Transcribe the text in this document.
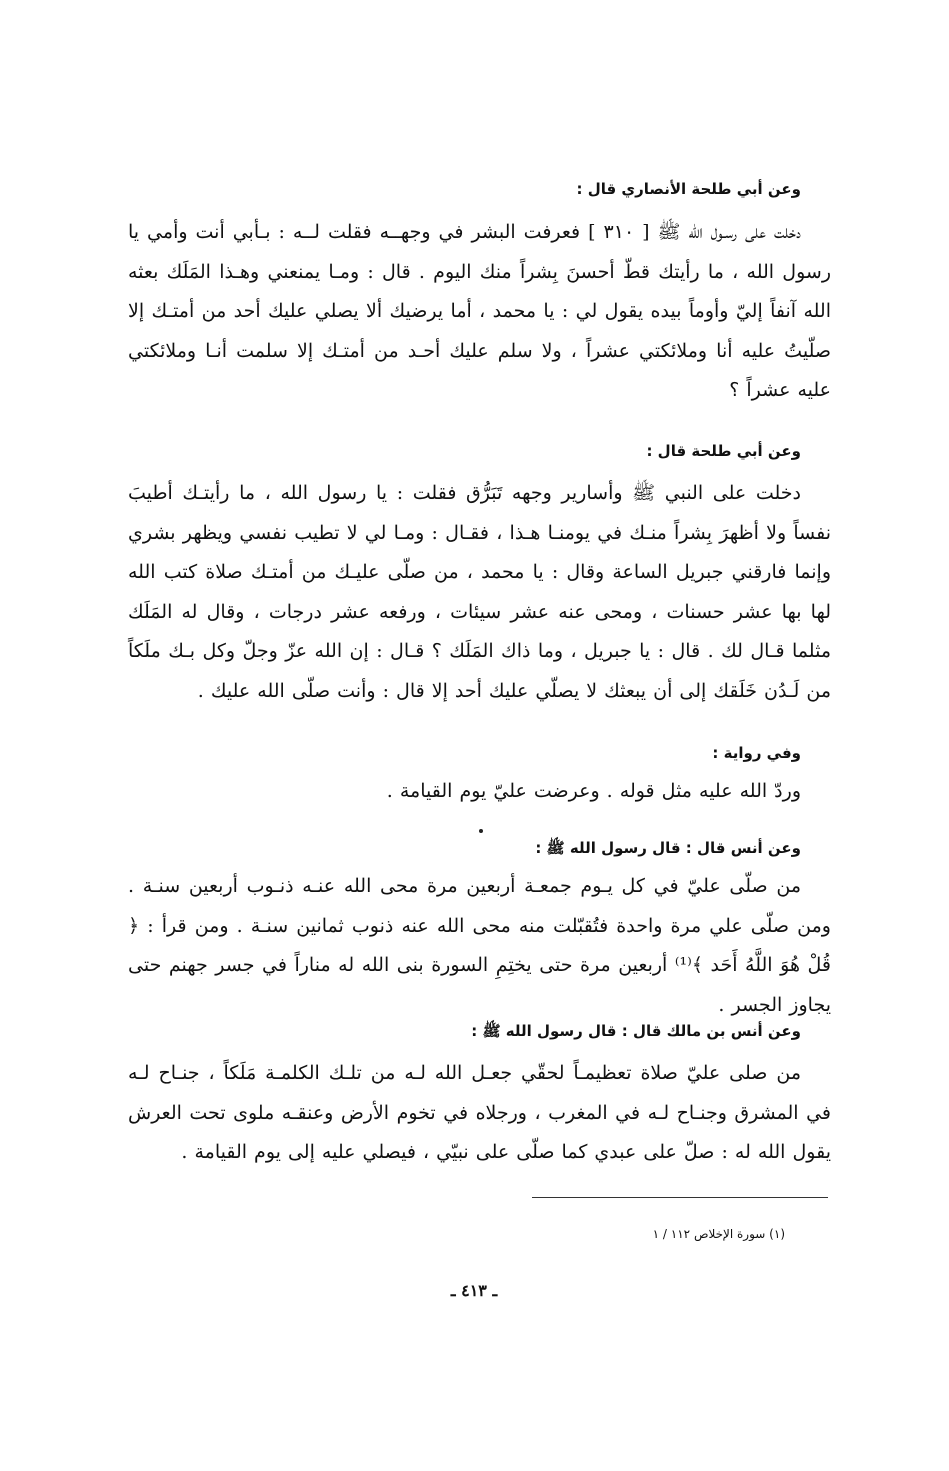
وعن أبي طلحة الأنصاري قال :

دخلت على رسـول الله ﷺ [ ٣١٠ ] فعرفت البشر في وجهــه فقلت لــه : بـأبي أنت وأمي يا رسول الله ، ما رأيتك قطّ أحسنَ بِشراً منك اليوم . قال : ومـا يمنعني وهـذا المَلَك بعثه الله آنفاً إليّ وأوماً بيده يقول لي : يا محمد ، أما يرضيك ألا يصلي عليك أحد من أمتـك إلا صلّيتُ عليه أنا وملائكتي عشراً ، ولا سلم عليك أحـد من أمتـك إلا سلمت أنـا وملائكتي عليه عشراً ؟

وعن أبي طلحة قال :

دخلت على النبي ﷺ وأسارير وجهه تَبَرُّق فقلت : يا رسول الله ، ما رأيتـك أطيبَ نفساً ولا أظهرَ بِشراً منـك في يومنـا هـذا ، فقـال : ومـا لي لا تطيب نفسي ويظهر بشري وإنما فارقني جبريل الساعة وقال : يا محمد ، من صلّى عليـك من أمتـك صلاة كتب الله لها بها عشر حسنات ، ومحى عنه عشر سيئات ، ورفعه عشر درجات ، وقال له المَلَك مثلما قـال لك . قال : يا جبريل ، وما ذاك المَلَك ؟ قـال : إن الله عزّ وجلّ وكل بـك ملَكاً من لَـدُن خَلَقك إلى أن يبعثك لا يصلّي عليك أحد إلا قال : وأنت صلّى الله عليك .

وفي رواية :

وردّ الله عليه مثل قوله . وعرضت عليّ يوم القيامة .

وعن أنس قال : قال رسول الله ﷺ :

من صلّى عليّ في كل يـوم جمعـة أربعين مرة محى الله عنـه ذنـوب أربعين سنـة . ومن صلّى علي مرة واحدة فتُقبّلت منه محى الله عنه ذنوب ثمانين سنـة . ومن قرأ : ﴿ قُلْ هُوَ اللَّهُ أَحَد ﴾⁽¹⁾ أربعين مرة حتى يختِمِ السورة بنى الله له مناراً في جسر جهنم حتى يجاوز الجسر .

وعن أنس بن مالك قال : قال رسول الله ﷺ :

من صلى عليّ صلاة تعظيمـاً لحقّي جعـل الله لـه من تلـك الكلمـة مَلَكاً ، جنـاح لـه في المشرق وجنـاح لـه في المغرب ، ورجلاه في تخوم الأرض وعنقـه ملوى تحت العرش يقول الله له : صلّ على عبدي كما صلّى على نبيّي ، فيصلي عليه إلى يوم القيامة .

(١) سورة الإخلاص ١١٢ / ١
ـ ٤١٣ ـ
